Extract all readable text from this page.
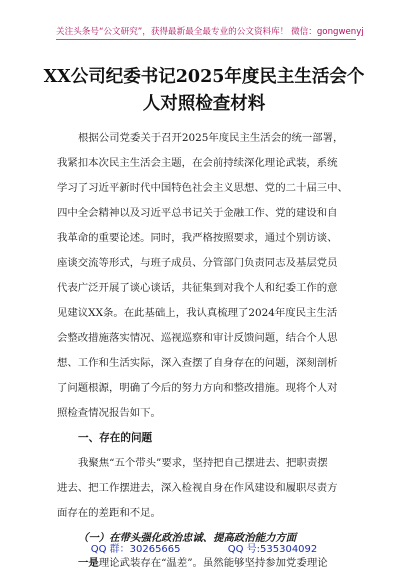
关注头条号“公文研究”，获得最新最全最专业的公文资料库！ 微信：gongwenyj
XX公司纪委书记2025年度民主生活会个
人对照检查材料
根据公司党委关于召开2025年度民主生活会的统一部署，
我紧扣本次民主生活会主题，在会前持续深化理论武装，系统
学习了习近平新时代中国特色社会主义思想、党的二十届三中、
四中全会精神以及习近平总书记关于金融工作、党的建设和自
我革命的重要论述。同时，我严格按照要求，通过个别访谈、
座谈交流等形式，与班子成员、分管部门负责同志及基层党员
代表广泛开展了谈心谈话，共征集到对我个人和纪委工作的意
见建议XX条。在此基础上，我认真梳理了2024年度民主生活
会整改措施落实情况、巡视巡察和审计反馈问题，结合个人思
想、工作和生活实际，深入查摆了自身存在的问题，深刻剖析
了问题根源，明确了今后的努力方向和整改措施。现将个人对
照检查情况报告如下。
一、存在的问题
我聚焦“五个带头”要求，坚持把自己摆进去、把职责摆
进去、把工作摆进去，深入检视自身在作风建设和履职尽责方
面存在的差距和不足。
（一）在带头强化政治忠诚、提高政治能力方面
一是理论武装存在“温差”。虽然能够坚持参加党委理论
QQ 群：30265665	QQ 号:535304092
